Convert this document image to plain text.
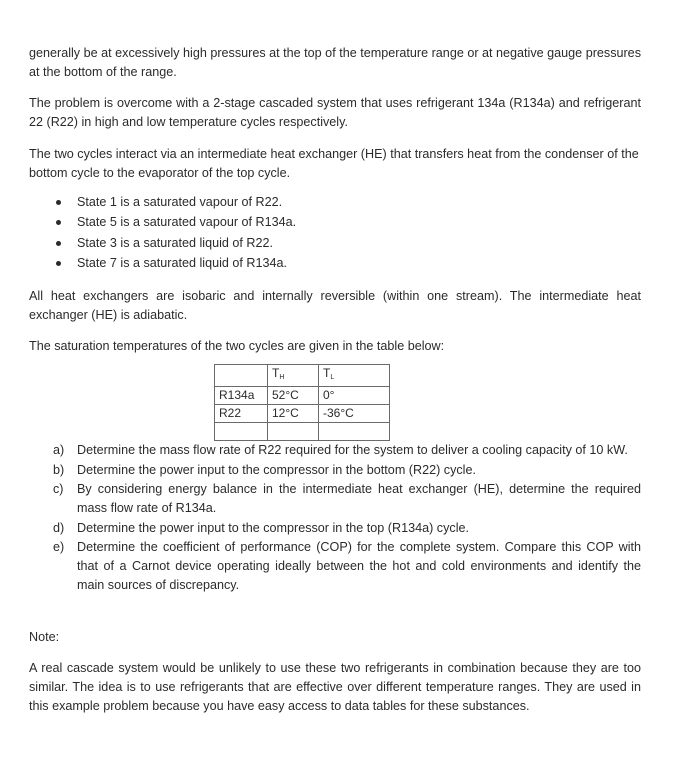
generally be at excessively high pressures at the top of the temperature range or at negative gauge pressures at the bottom of the range.

The problem is overcome with a 2-stage cascaded system that uses refrigerant 134a (R134a) and refrigerant 22 (R22) in high and low temperature cycles respectively.

The two cycles interact via an intermediate heat exchanger (HE) that transfers heat from the condenser of the bottom cycle to the evaporator of the top cycle.

State 1 is a saturated vapour of R22.
State 5 is a saturated vapour of R134a.
State 3 is a saturated liquid of R22.
State 7 is a saturated liquid of R134a.

All heat exchangers are isobaric and internally reversible (within one stream). The intermediate heat exchanger (HE) is adiabatic.

The saturation temperatures of the two cycles are given in the table below:

	$T_H$	$T_L$
R134a	52°C	0°
R22	12°C	-36°C

a) Determine the mass flow rate of R22 required for the system to deliver a cooling capacity of 10 kW.
b) Determine the power input to the compressor in the bottom (R22) cycle.
c) By considering energy balance in the intermediate heat exchanger (HE), determine the required mass flow rate of R134a.
d) Determine the power input to the compressor in the top (R134a) cycle.
e) Determine the coefficient of performance (COP) for the complete system. Compare this COP with that of a Carnot device operating ideally between the hot and cold environments and identify the main sources of discrepancy.

Note:

A real cascade system would be unlikely to use these two refrigerants in combination because they are too similar. The idea is to use refrigerants that are effective over different temperature ranges. They are used in this example problem because you have easy access to data tables for these substances.
